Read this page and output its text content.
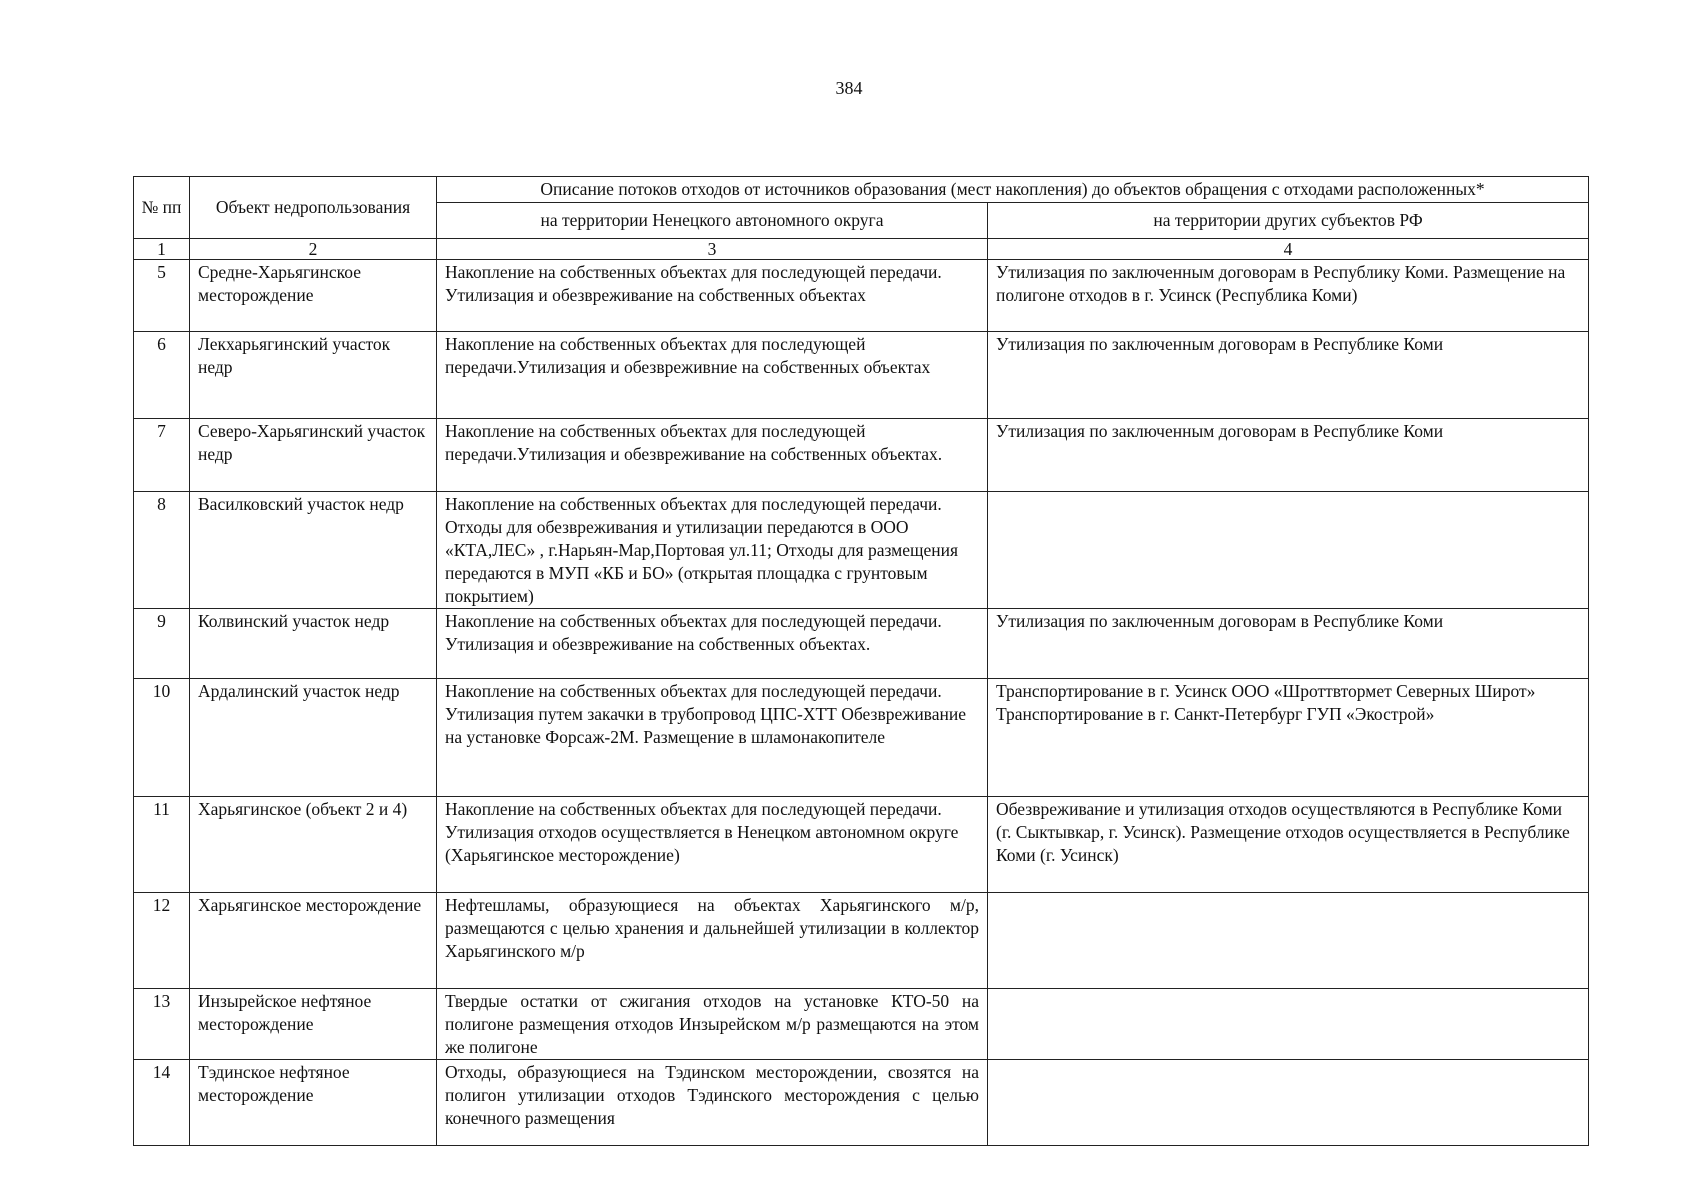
384
№ пп	Объект недропользования	Описание потоков отходов от источников образования (мест накопления) до объектов обращения с отходами расположенных*	
		на территории Ненецкого автономного округа	на территории других субъектов РФ
1	2	3	4
5	Средне-Харьягинское месторождение	Накопление на собственных объектах для последующей передачи. Утилизация и обезвреживание на собственных объектах	Утилизация по заключенным договорам в Республику Коми. Размещение на полигоне отходов в г. Усинск (Республика Коми)
6	Лекхарьягинский участок недр	Накопление на собственных объектах для последующей передачи.Утилизация и обезвреживние на собственных объектах	Утилизация по заключенным договорам в Республике Коми
7	Северо-Харьягинский участок недр	Накопление на собственных объектах для последующей передачи.Утилизация и обезвреживание на собственных объектах.	Утилизация по заключенным договорам в Республике Коми
8	Василковский участок недр	Накопление на собственных объектах для последующей передачи. Отходы для обезвреживания и утилизации передаются в ООО «КТА,ЛЕС» , г.Нарьян-Мар,Портовая ул.11; Отходы для размещения передаются в МУП «КБ и БО» (открытая площадка с грунтовым покрытием)	
9	Колвинский участок недр	Накопление на собственных объектах для последующей передачи. Утилизация и обезвреживание на собственных объектах.	Утилизация по заключенным договорам в Республике Коми
10	Ардалинский участок недр	Накопление на собственных объектах для последующей передачи. Утилизация путем закачки в трубопровод ЦПС-ХТТ Обезвреживание на установке Форсаж-2М. Размещение в шламонакопителе	Транспортирование в г. Усинск ООО «Шроттвтормет Северных Широт» Транспортирование в г. Санкт-Петербург ГУП «Экострой»
11	Харьягинское (объект 2 и 4)	Накопление на собственных объектах для последующей передачи. Утилизация отходов осуществляется в Ненецком автономном округе (Харьягинское месторождение)	Обезвреживание и утилизация отходов осуществляются в Республике Коми (г. Сыктывкар, г. Усинск). Размещение отходов осуществляется в Республике Коми (г. Усинск)
12	Харьягинское месторождение	Нефтешламы, образующиеся на объектах Харьягинского м/р, размещаются с целью хранения и дальнейшей утилизации в коллектор Харьягинского м/р	
13	Инзырейское нефтяное месторождение	Твердые остатки от сжигания отходов на установке КТО-50 на полигоне размещения отходов Инзырейском м/р размещаются на этом же полигоне	
14	Тэдинское нефтяное месторождение	Отходы, образующиеся на Тэдинском месторождении, свозятся на полигон утилизации отходов Тэдинского месторождения с целью конечного размещения	
